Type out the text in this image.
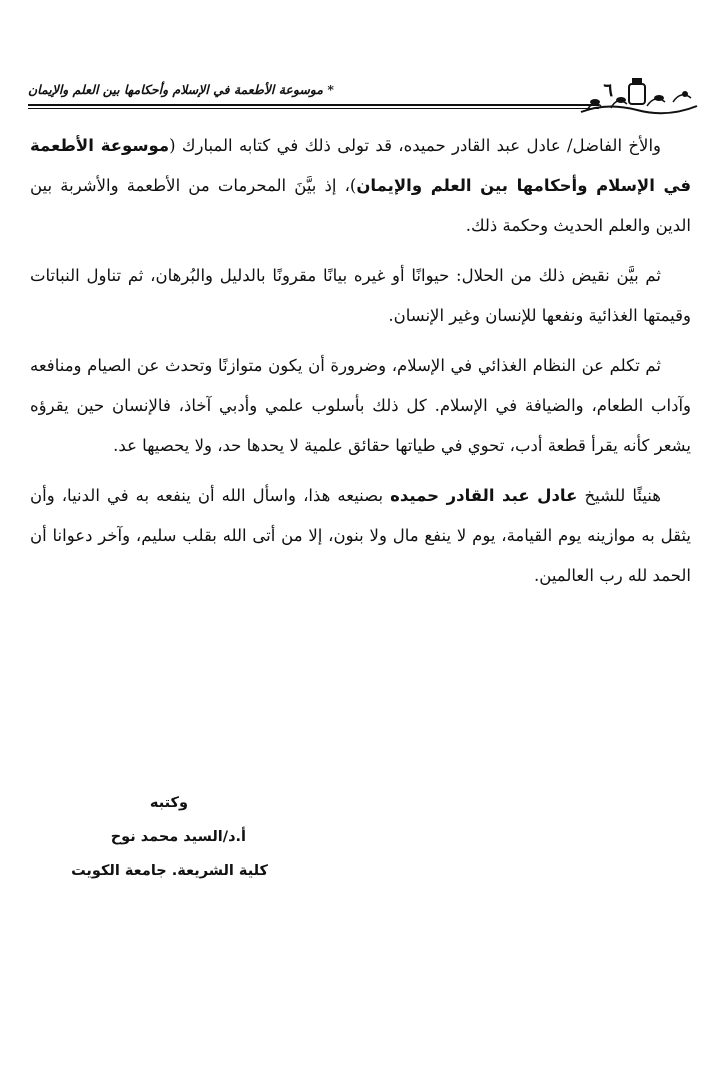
٦
* موسوعة الأطعمة في الإسلام وأحكامها بين العلم والإيمان

والأخ الفاضل/ عادل عبد القادر حميده، قد تولى ذلك في كتابه المبارك (موسوعة الأطعمة في الإسلام وأحكامها بين العلم والإيمان)، إذ بيَّنَ المحرمات من الأطعمة والأشربة بين الدين والعلم الحديث وحكمة ذلك.

ثم بيَّن نقيض ذلك من الحلال: حيوانًا أو غيره بيانًا مقرونًا بالدليل والبُرهان، ثم تناول النباتات وقيمتها الغذائية ونفعها للإنسان وغير الإنسان.

ثم تكلم عن النظام الغذائي في الإسلام، وضرورة أن يكون متوازنًا وتحدث عن الصيام ومنافعه وآداب الطعام، والضيافة في الإسلام. كل ذلك بأسلوب علمي وأدبي آخاذ، فالإنسان حين يقرؤه يشعر كأنه يقرأ قطعة أدب، تحوي في طياتها حقائق علمية لا يحدها حد، ولا يحصيها عد.

هنيئًا للشيخ عادل عبد القادر حميده بصنيعه هذا، واسأل الله أن ينفعه به في الدنيا، وأن يثقل به موازينه يوم القيامة، يوم لا ينفع مال ولا بنون، إلا من أتى الله بقلب سليم، وآخر دعوانا أن الحمد لله رب العالمين.

وكتبه
أ.د/السيد محمد نوح
كلية الشريعة. جامعة الكويت
